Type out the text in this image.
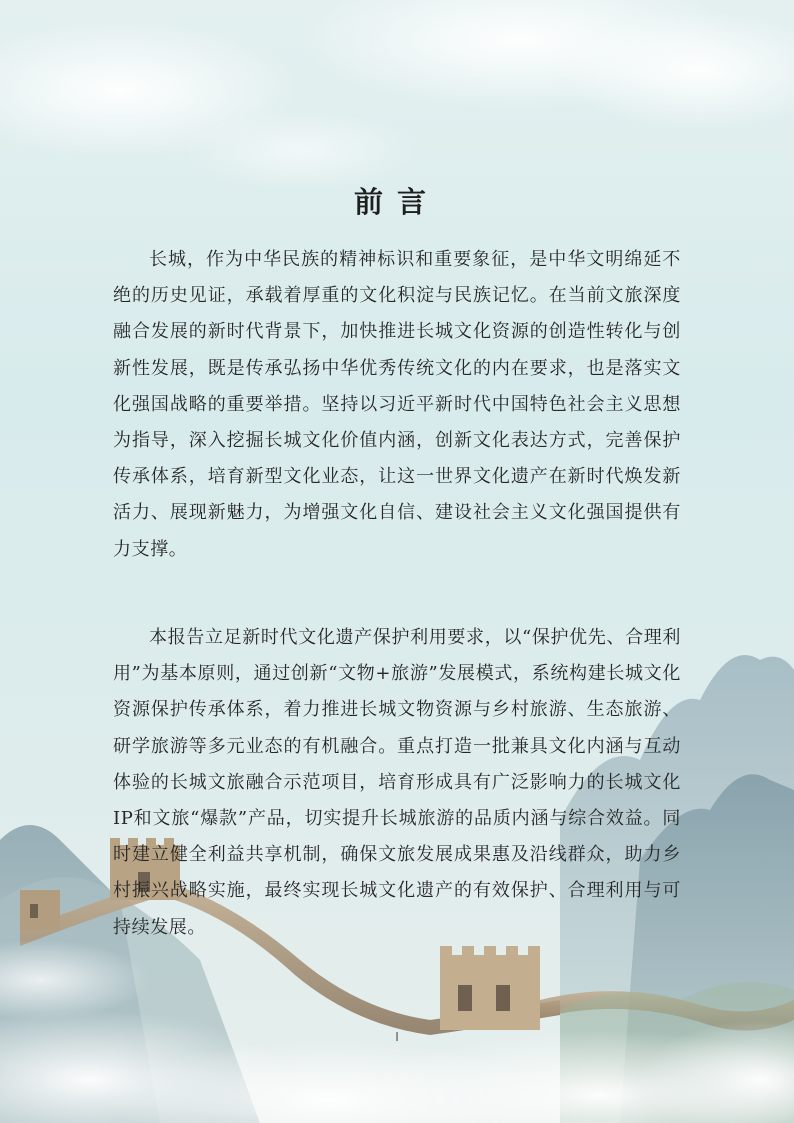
前言

长城，作为中华民族的精神标识和重要象征，是中华文明绵延不绝的历史见证，承载着厚重的文化积淀与民族记忆。在当前文旅深度融合发展的新时代背景下，加快推进长城文化资源的创造性转化与创新性发展，既是传承弘扬中华优秀传统文化的内在要求，也是落实文化强国战略的重要举措。坚持以习近平新时代中国特色社会主义思想为指导，深入挖掘长城文化价值内涵，创新文化表达方式，完善保护传承体系，培育新型文化业态，让这一世界文化遗产在新时代焕发新活力、展现新魅力，为增强文化自信、建设社会主义文化强国提供有力支撑。

本报告立足新时代文化遗产保护利用要求，以“保护优先、合理利用”为基本原则，通过创新“文物+旅游”发展模式，系统构建长城文化资源保护传承体系，着力推进长城文物资源与乡村旅游、生态旅游、研学旅游等多元业态的有机融合。重点打造一批兼具文化内涵与互动体验的长城文旅融合示范项目，培育形成具有广泛影响力的长城文化IP和文旅“爆款”产品，切实提升长城旅游的品质内涵与综合效益。同时建立健全利益共享机制，确保文旅发展成果惠及沿线群众，助力乡村振兴战略实施，最终实现长城文化遗产的有效保护、合理利用与可持续发展。

I
